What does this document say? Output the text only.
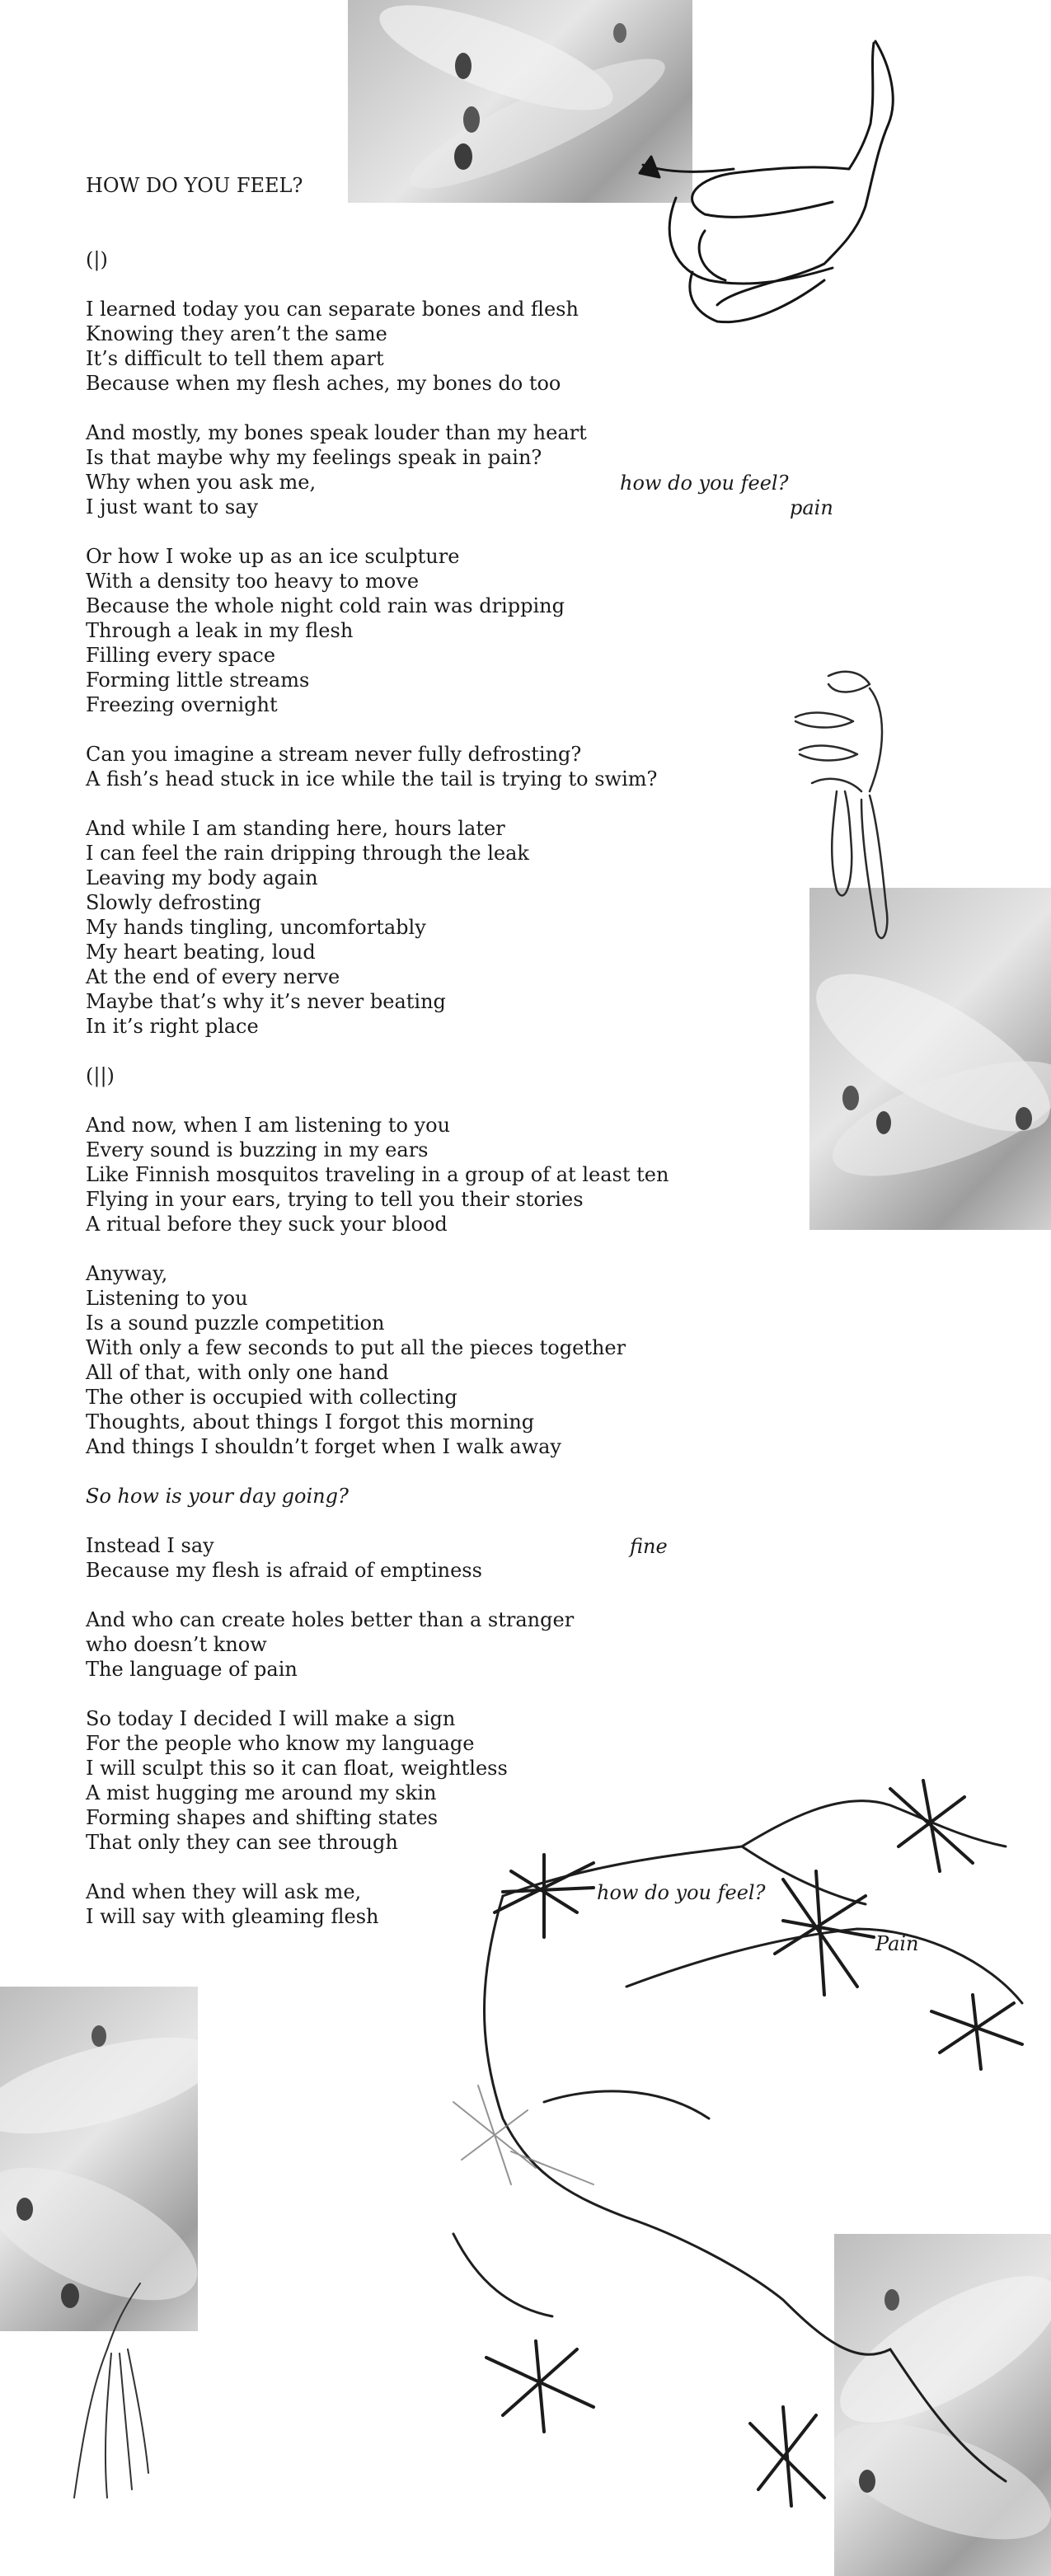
HOW DO YOU FEEL?

(|)

I learned today you can separate bones and flesh

Knowing they aren’t the same

It’s difficult to tell them apart

Because when my flesh aches, my bones do too

And mostly, my bones speak louder than my heart

Is that maybe why my feelings speak in pain?

Why when you ask me,

I just want to say

Or how I woke up as an ice sculpture

With a density too heavy to move

Because the whole night cold rain was dripping

Through a leak in my flesh

Filling every space

Forming little streams

Freezing overnight

Can you imagine a stream never fully defrosting?

A fish’s head stuck in ice while the tail is trying to swim?

And while I am standing here, hours later

I can feel the rain dripping through the leak

Leaving my body again

Slowly defrosting

My hands tingling, uncomfortably

My heart beating, loud

At the end of every nerve

Maybe that’s why it’s never beating

In it’s right place

(||)

And now, when I am listening to you

Every sound is buzzing in my ears

Like Finnish mosquitos traveling in a group of at least ten

Flying in your ears, trying to tell you their stories

A ritual before they suck your blood

Anyway,

Listening to you

Is a sound puzzle competition

With only a few seconds to put all the pieces together

All of that, with only one hand

The other is occupied with collecting

Thoughts, about things I forgot this morning

And things I shouldn’t forget when I walk away

So how is your day going?

Instead I say

Because my flesh is afraid of emptiness

And who can create holes better than a stranger

who doesn’t know

The language of pain

So today I decided I will make a sign

For the people who know my language

I will sculpt this so it can float, weightless

A mist hugging me around my skin

Forming shapes and shifting states

That only they can see through

And when they will ask me,

I will say with gleaming flesh

how do you feel?
pain
fine
how do you feel?
Pain
